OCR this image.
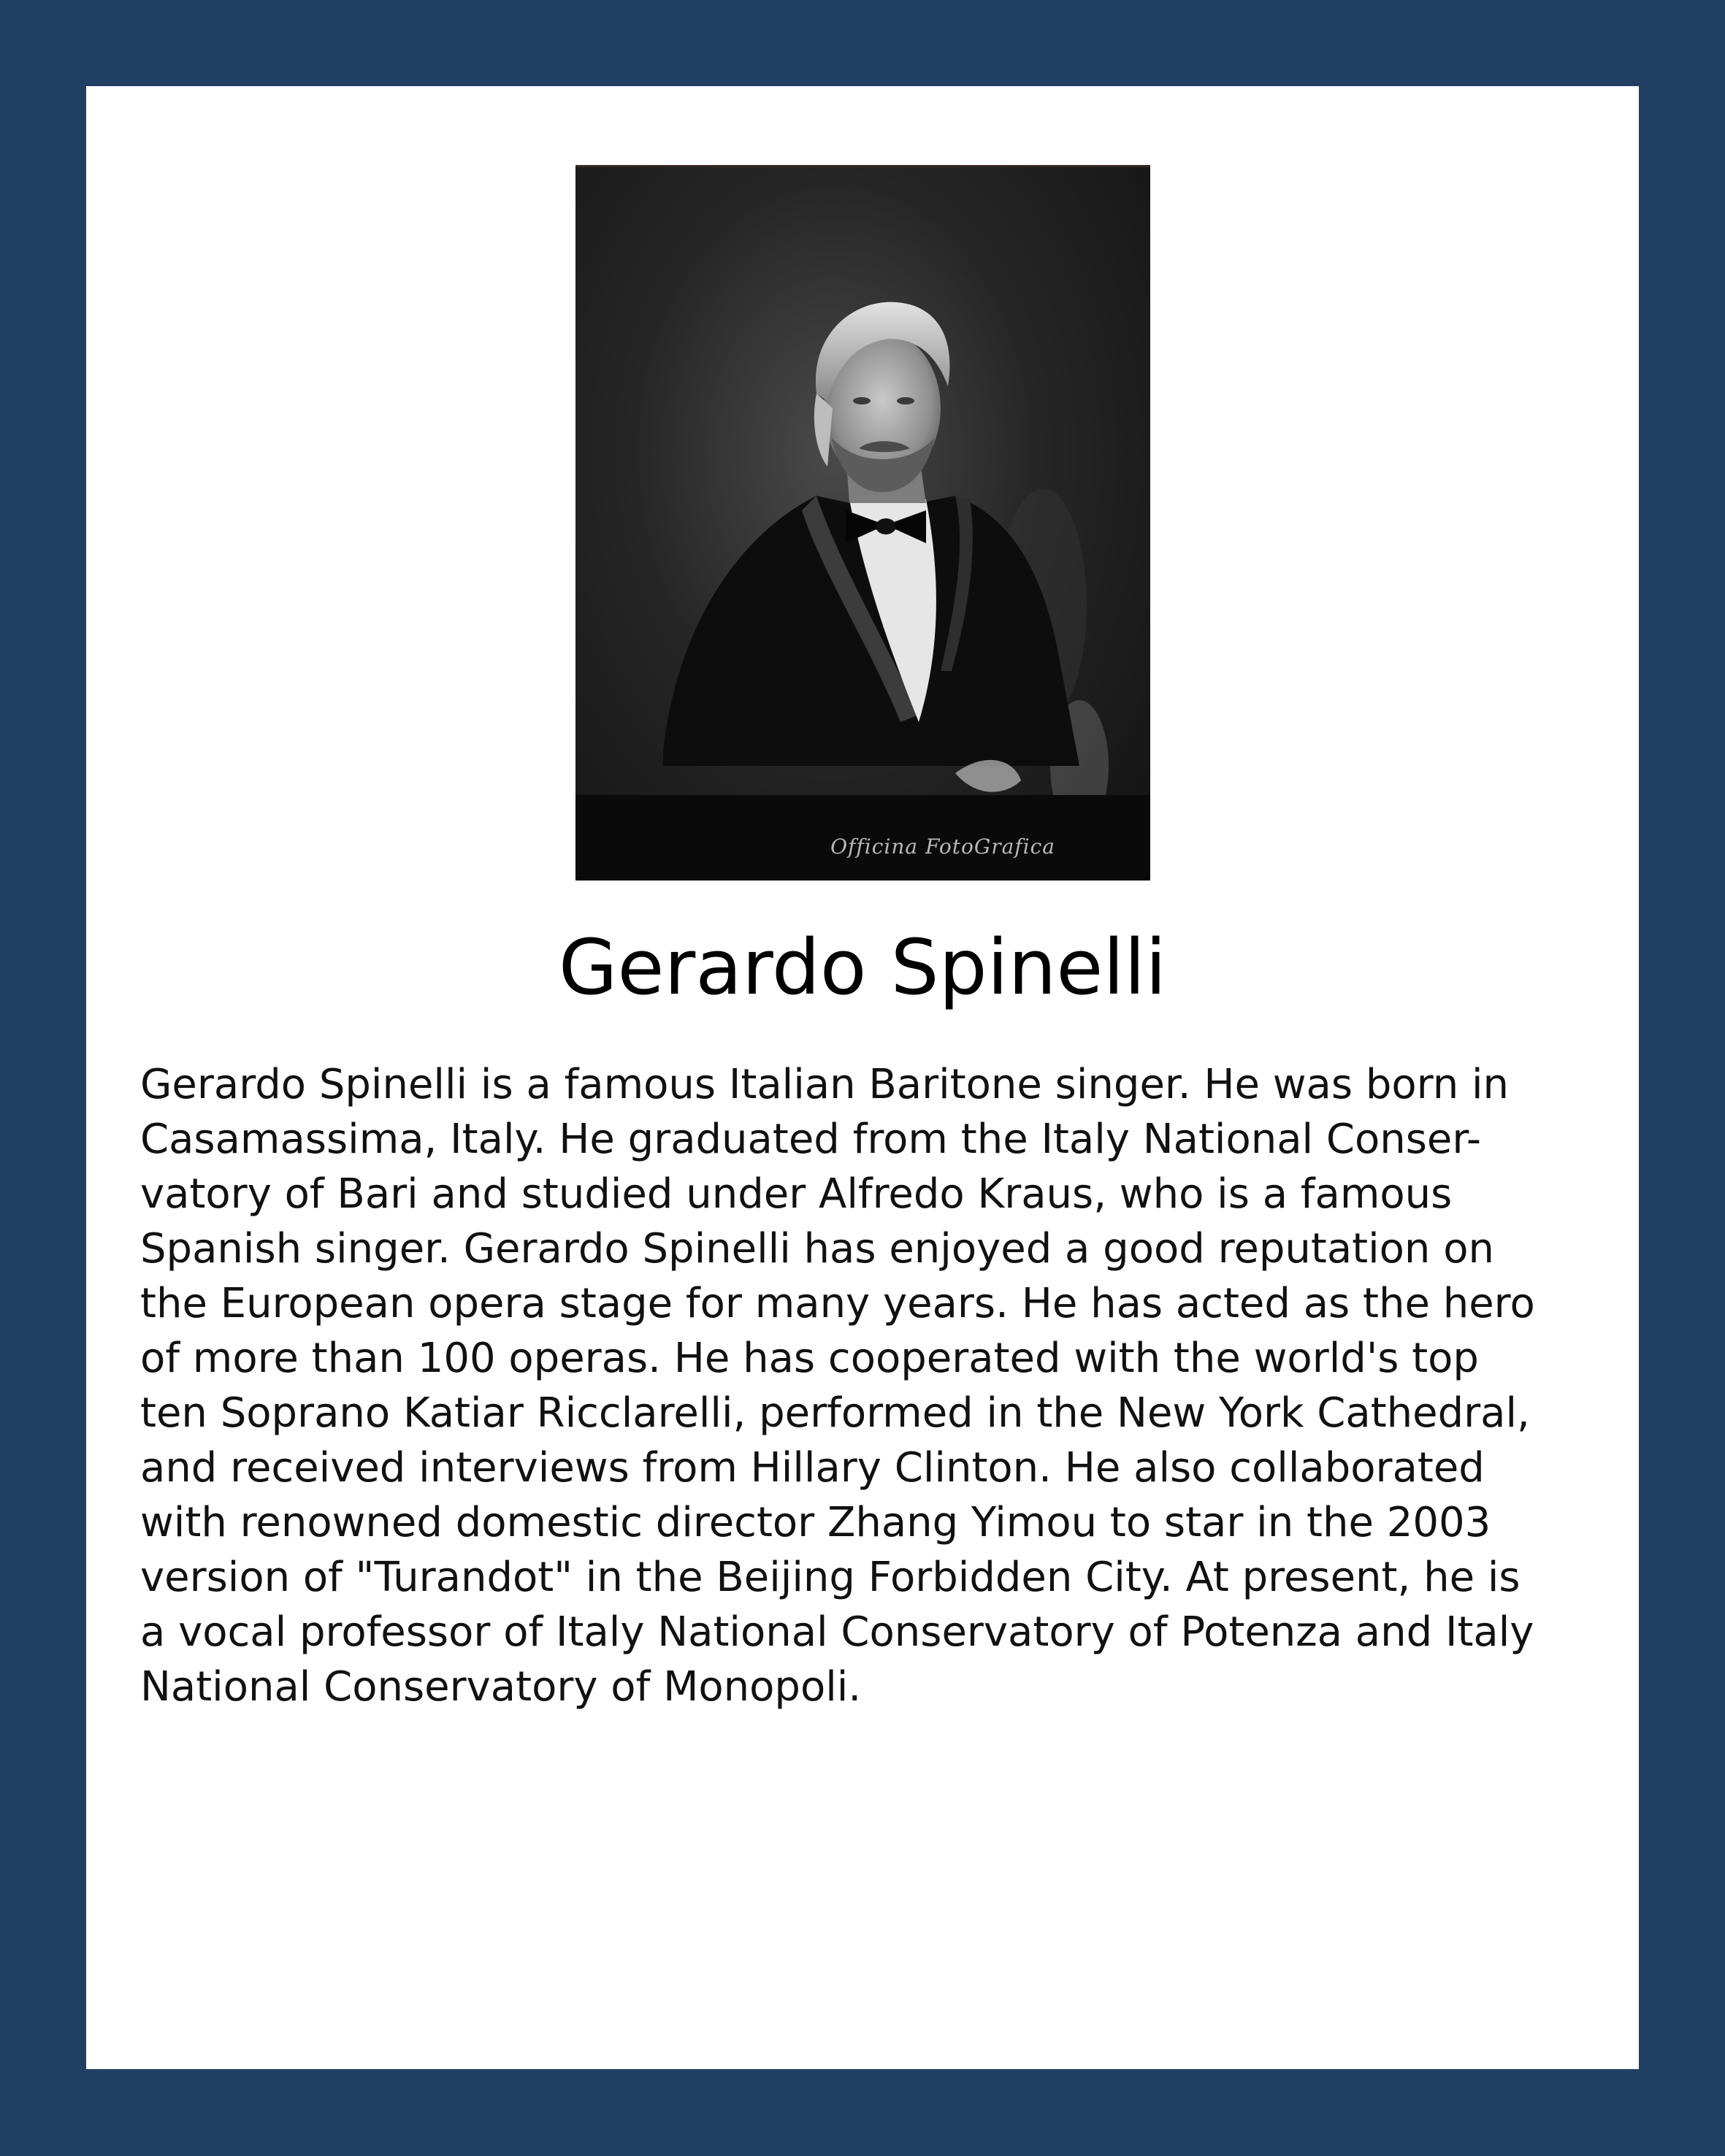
Officina FotoGrafica
Gerardo Spinelli

Gerardo Spinelli is a famous Italian Baritone singer. He was born in
Casamassima, Italy. He graduated from the Italy National Conser-
vatory of Bari and studied under Alfredo Kraus, who is a famous
Spanish singer. Gerardo Spinelli has enjoyed a good reputation on
the European opera stage for many years. He has acted as the hero
of more than 100 operas. He has cooperated with the world's top
ten Soprano Katiar Ricclarelli, performed in the New York Cathedral,
and received interviews from Hillary Clinton. He also collaborated
with renowned domestic director Zhang Yimou to star in the 2003
version of "Turandot" in the Beijing Forbidden City. At present, he is
a vocal professor of Italy National Conservatory of Potenza and Italy
National Conservatory of Monopoli.
